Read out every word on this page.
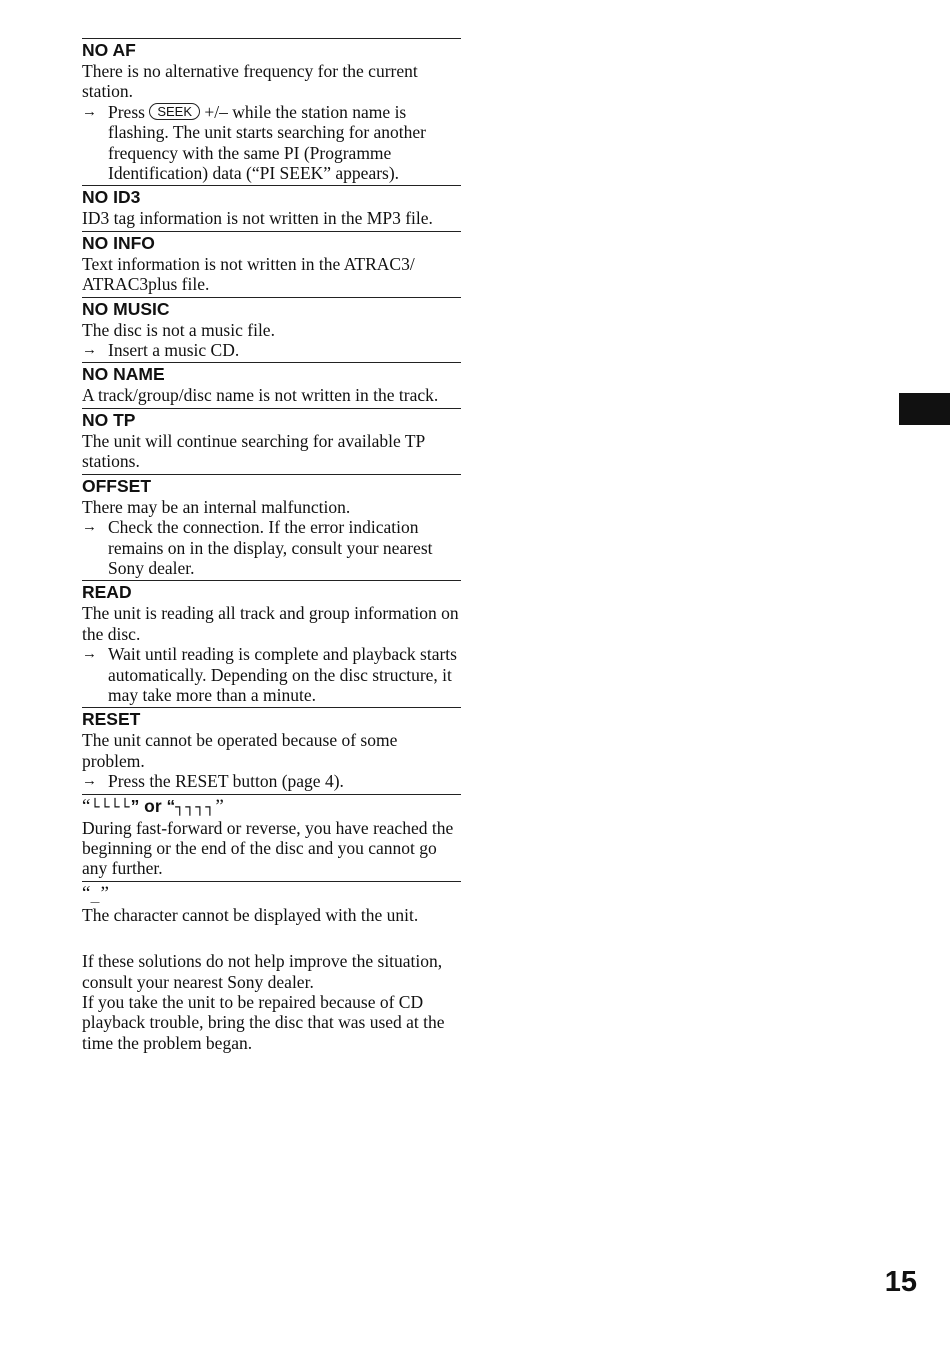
NO AF

There is no alternative frequency for the current station.

→ Press SEEK +/– while the station name is flashing. The unit starts searching for another frequency with the same PI (Programme Identification) data (“PI SEEK” appears).

NO ID3

ID3 tag information is not written in the MP3 file.

NO INFO

Text information is not written in the ATRAC3/ ATRAC3plus file.

NO MUSIC

The disc is not a music file.

→ Insert a music CD.

NO NAME

A track/group/disc name is not written in the track.

NO TP

The unit will continue searching for available TP stations.

OFFSET

There may be an internal malfunction.

→ Check the connection. If the error indication remains on in the display, consult your nearest Sony dealer.

READ

The unit is reading all track and group information on the disc.

→ Wait until reading is complete and playback starts automatically. Depending on the disc structure, it may take more than a minute.

RESET

The unit cannot be operated because of some problem.

→ Press the RESET button (page 4).

“└└└└” or “┐┐┐┐”

During fast-forward or reverse, you have reached the beginning or the end of the disc and you cannot go any further.

“_”

The character cannot be displayed with the unit.

If these solutions do not help improve the situation, consult your nearest Sony dealer.

If you take the unit to be repaired because of CD playback trouble, bring the disc that was used at the time the problem began.

15
